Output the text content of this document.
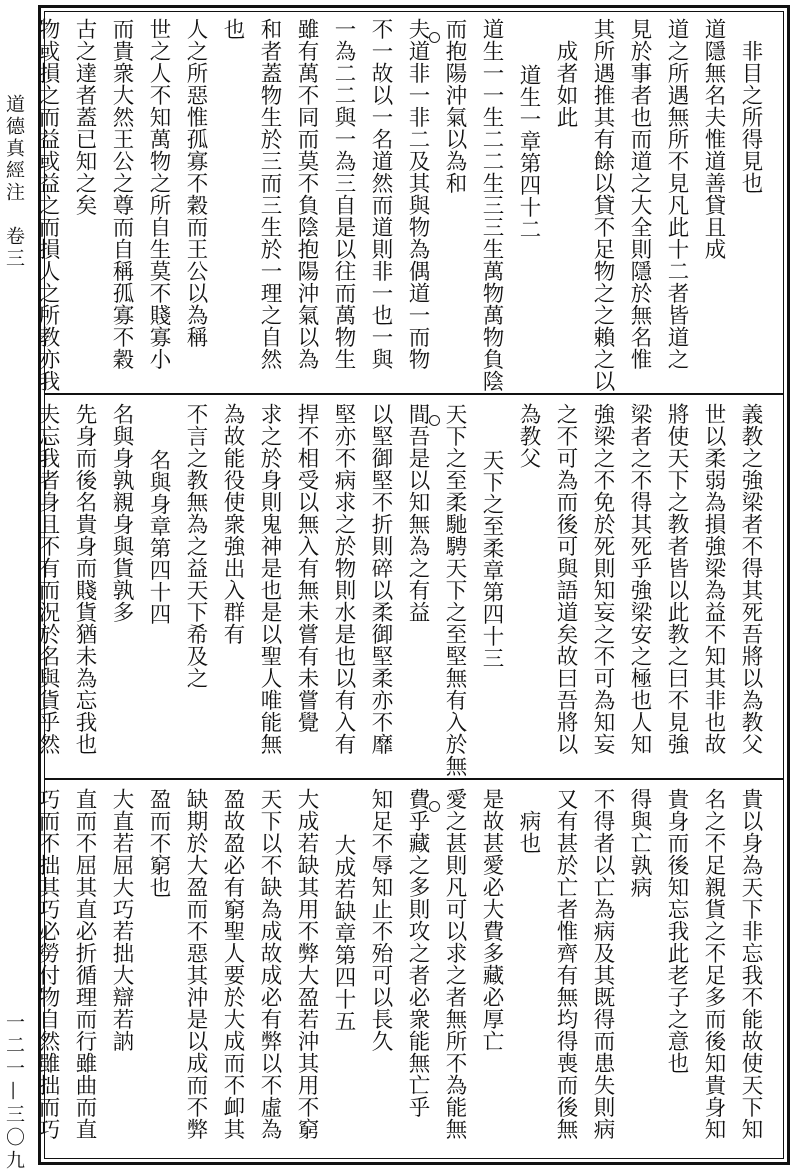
道德真經注　卷三
一二一—三〇九
非目之所得見也
道隱無名夫惟道善貸且成
道之所遇無所不見凡此十二者皆道之
見於事者也而道之大全則隱於無名惟
其所遇推其有餘以貸不足物之之賴之以
成者如此
道生一章第四十二
道生一一生二二生三三生萬物萬物負陰
而抱陽沖氣以為和
夫道非一非二及其與物為偶道一而物
不一故以一名道然而道則非一也一與
一為二二與一為三自是以往而萬物生
雖有萬不同而莫不負陰抱陽沖氣以為
和者蓋物生於三而三生於一理之自然
也
人之所惡惟孤寡不穀而王公以為稱
世之人不知萬物之所自生莫不賤寡小
而貴衆大然王公之尊而自稱孤寡不穀
古之達者蓋已知之矣
物或損之而益或益之而損人之所教亦我
義教之強梁者不得其死吾將以為教父
世以柔弱為損強梁為益不知其非也故
將使天下之教者皆以此教之曰不見強
梁者之不得其死乎強梁安之極也人知
強梁之不免於死則知妄之不可為知妄
之不可為而後可與語道矣故曰吾將以
為教父
天下之至柔章第四十三
天下之至柔馳騁天下之至堅無有入於無
間吾是以知無為之有益
以堅御堅不折則碎以柔御堅柔亦不靡
堅亦不病求之於物則水是也以有入有
捍不相受以無入有無未嘗有未嘗覺
求之於身則鬼神是也是以聖人唯能無
為故能役使衆強出入群有
不言之教無為之益天下希及之
名與身章第四十四
名與身孰親身與貨孰多
先身而後名貴身而賤貨猶未為忘我也
夫忘我者身且不有而況於名與貨乎然
貴以身為天下非忘我不能故使天下知
名之不足親貨之不足多而後知貴身知
貴身而後知忘我此老子之意也
得與亡孰病
不得者以亡為病及其既得而患失則病
又有甚於亡者惟齊有無均得喪而後無
病也
是故甚愛必大費多藏必厚亡
愛之甚則凡可以求之者無所不為能無
費乎藏之多則攻之者必衆能無亡乎
知足不辱知止不殆可以長久
大成若缺章第四十五
大成若缺其用不弊大盈若沖其用不窮
天下以不缺為成故成必有弊以不虛為
盈故盈必有窮聖人要於大成而不卹其
缺期於大盈而不惡其沖是以成而不弊
盈而不窮也
大直若屈大巧若拙大辯若訥
直而不屈其直必折循理而行雖曲而直
巧而不拙其巧必勞付物自然雖拙而巧
